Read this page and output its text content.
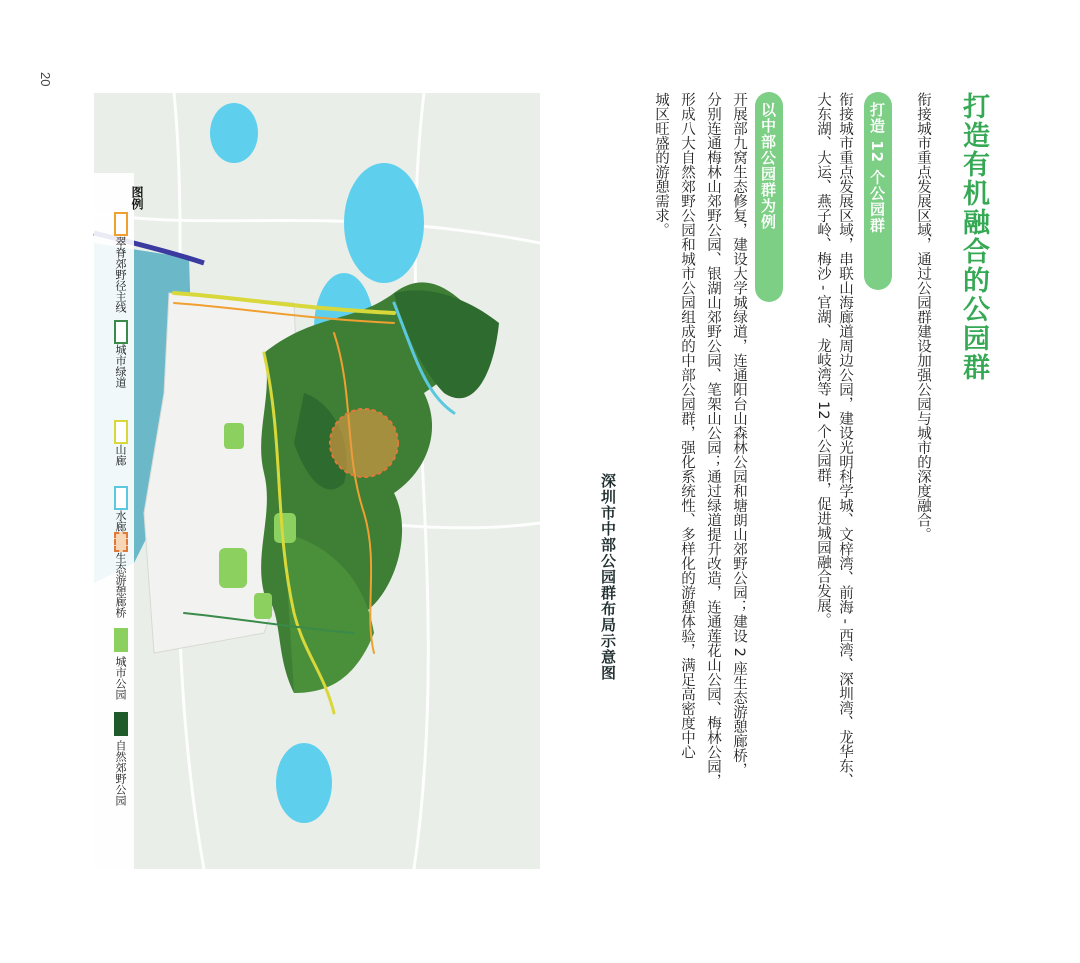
20
打造有机融合的公园群
衔接城市重点发展区域，通过公园群建设加强公园与城市的深度融合。
打造 12 个公园群
衔接城市重点发展区域，串联山海廊道周边公园，建设光明科学城、文梓湾、前海 - 西湾、深圳湾、龙华东、
大东湖、大运、燕子岭、梅沙 - 官湖、龙岐湾等 12 个公园群，促进城园融合发展。
以中部公园群为例
开展部九窝生态修复，建设大学城绿道，连通阳台山森林公园和塘朗山郊野公园；建设 2 座生态游憩廊桥，
分别连通梅林山郊野公园、银湖山郊野公园、笔架山公园；通过绿道提升改造，连通莲花山公园、梅林公园，
形成八大自然郊野公园和城市公园组成的中部公园群，强化系统性、多样化的游憩体验，满足高密度中心
城区旺盛的游憩需求。
深圳市中部公园群布局示意图
图例
翠脊郊野径主线
城市绿道
山廊
水廊
生态游憩廊桥
城市公园
自然郊野公园
